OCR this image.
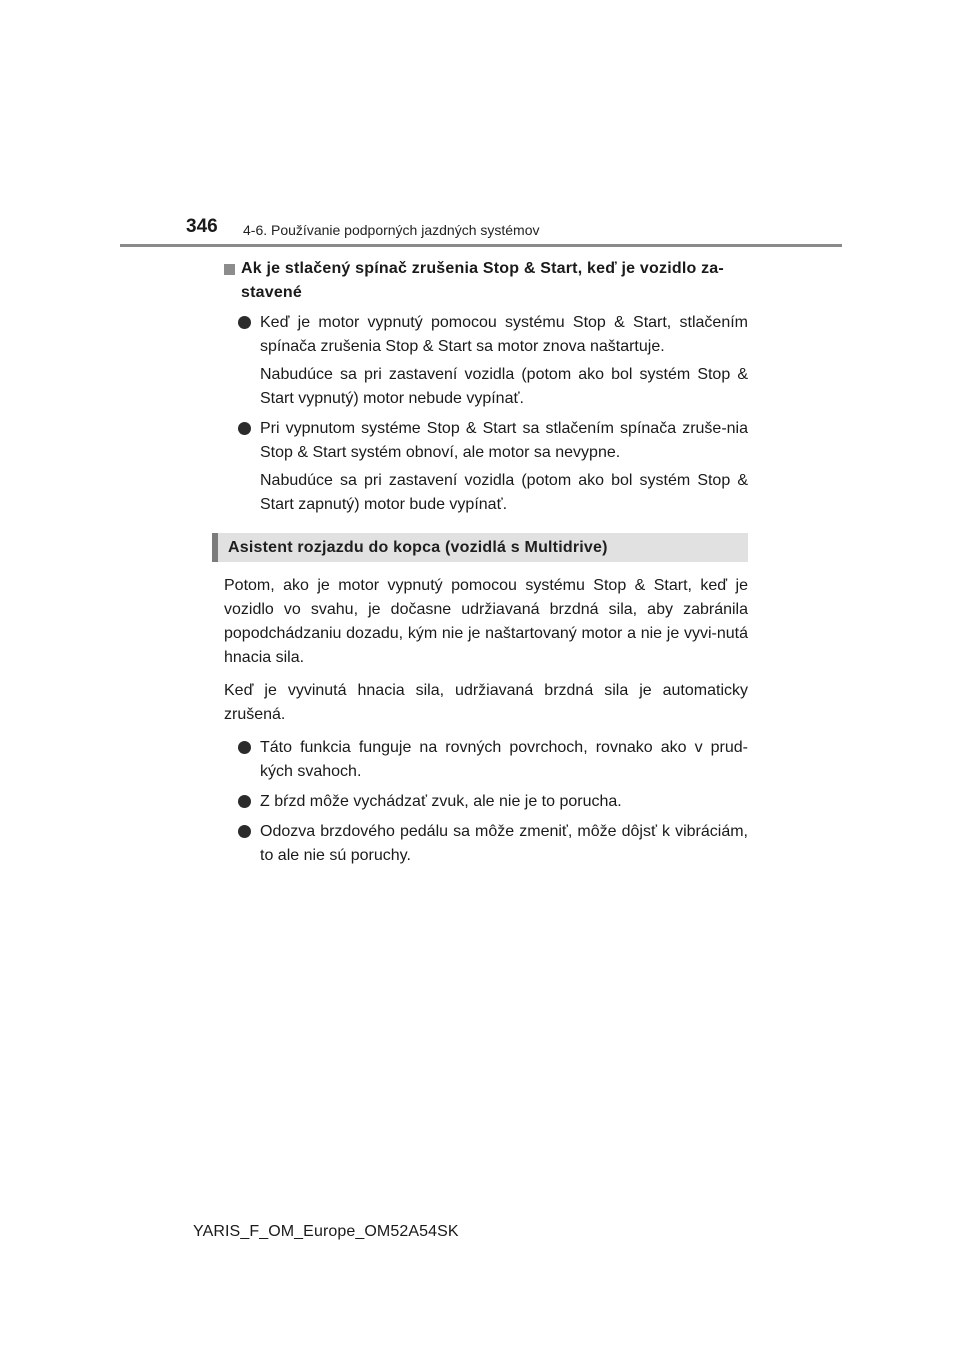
346 4-6. Používanie podporných jazdných systémov
Ak je stlačený spínač zrušenia Stop & Start, keď je vozidlo za-
stavené

Keď je motor vypnutý pomocou systému Stop & Start, stlačením spínača zrušenia Stop & Start sa motor znova naštartuje.

Nabudúce sa pri zastavení vozidla (potom ako bol systém Stop & Start vypnutý) motor nebude vypínať.

Pri vypnutom systéme Stop & Start sa stlačením spínača zruše-nia Stop & Start systém obnoví, ale motor sa nevypne.

Nabudúce sa pri zastavení vozidla (potom ako bol systém Stop & Start zapnutý) motor bude vypínať.

Asistent rozjazdu do kopca (vozidlá s Multidrive)

Potom, ako je motor vypnutý pomocou systému Stop & Start, keď je vozidlo vo svahu, je dočasne udržiavaná brzdná sila, aby zabránila popodchádzaniu dozadu, kým nie je naštartovaný motor a nie je vyvi-nutá hnacia sila.

Keď je vyvinutá hnacia sila, udržiavaná brzdná sila je automaticky zrušená.

Táto funkcia funguje na rovných povrchoch, rovnako ako v prud-kých svahoch.

Z bŕzd môže vychádzať zvuk, ale nie je to porucha.

Odozva brzdového pedálu sa môže zmeniť, môže dôjsť k vibráciám, to ale nie sú poruchy.

YARIS_F_OM_Europe_OM52A54SK
